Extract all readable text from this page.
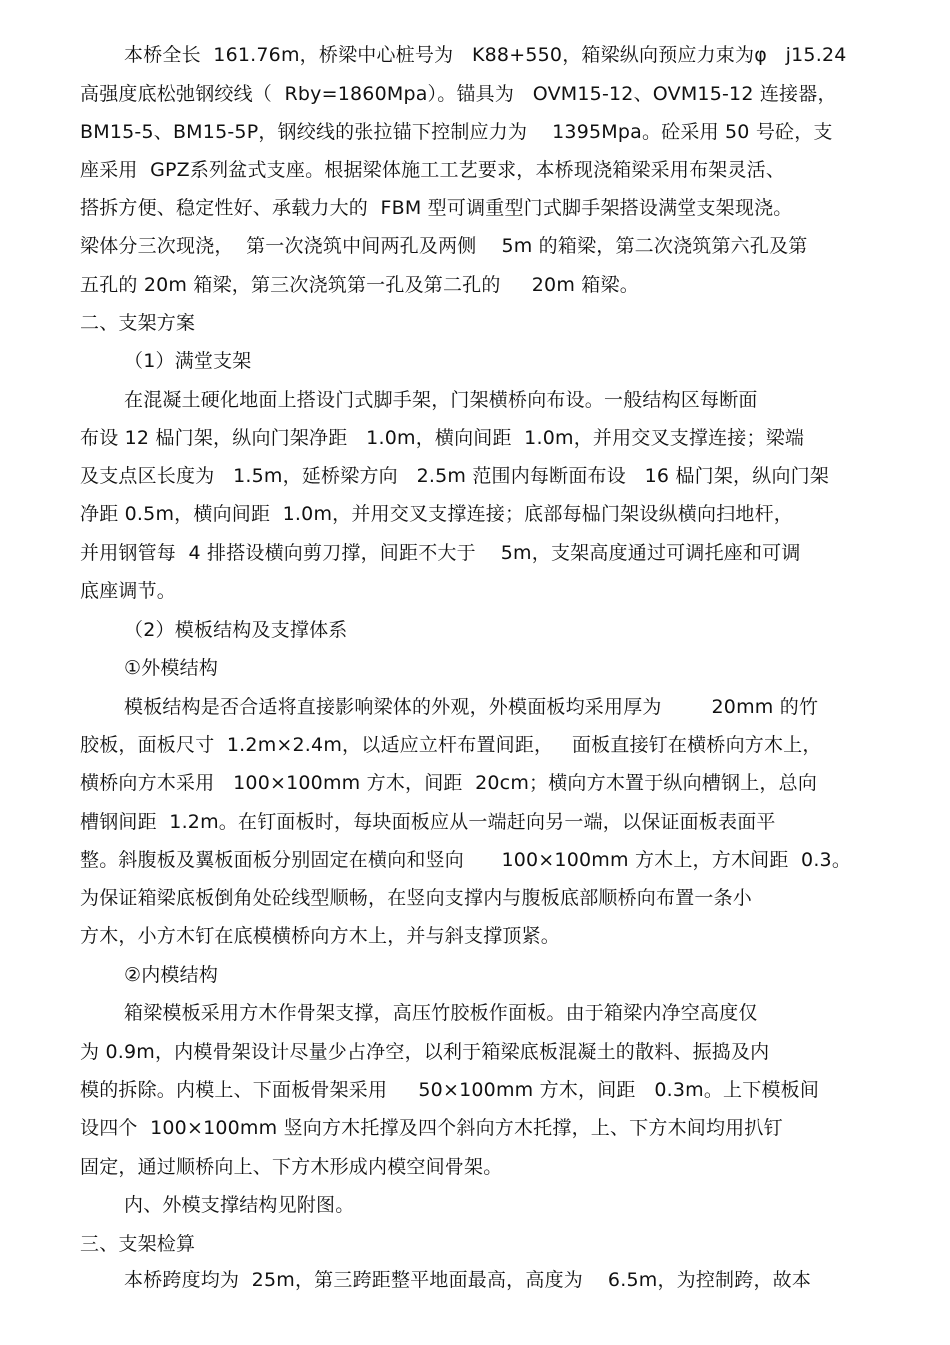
本桥全长  161.76m，桥梁中心桩号为   K88+550，箱梁纵向预应力束为φ   j15.24
高强度底松弛钢绞线（  Rby=1860Mpa）。锚具为   OVM15-12、OVM15-12 连接器，
BM15-5、BM15-5P，钢绞线的张拉锚下控制应力为    1395Mpa。砼采用 50 号砼，支
座采用  GPZ系列盆式支座。根据梁体施工工艺要求，本桥现浇箱梁采用布架灵活、
搭拆方便、稳定性好、承载力大的  FBM 型可调重型门式脚手架搭设满堂支架现浇。
梁体分三次现浇，  第一次浇筑中间两孔及两侧    5m 的箱梁，第二次浇筑第六孔及第
五孔的 20m 箱梁，第三次浇筑第一孔及第二孔的     20m 箱梁。
二、支架方案
（1）满堂支架
在混凝土硬化地面上搭设门式脚手架，门架横桥向布设。一般结构区每断面
布设 12 榀门架，纵向门架净距   1.0m，横向间距  1.0m，并用交叉支撑连接；梁端
及支点区长度为   1.5m，延桥梁方向   2.5m 范围内每断面布设   16 榀门架，纵向门架
净距 0.5m，横向间距  1.0m，并用交叉支撑连接；底部每榀门架设纵横向扫地杆，
并用钢管每  4 排搭设横向剪刀撑，间距不大于    5m，支架高度通过可调托座和可调
底座调节。
（2）模板结构及支撑体系
①外模结构
模板结构是否合适将直接影响梁体的外观，外模面板均采用厚为        20mm 的竹
胶板，面板尺寸  1.2m×2.4m，以适应立杆布置间距，   面板直接钉在横桥向方木上，
横桥向方木采用   100×100mm 方木，间距  20cm；横向方木置于纵向槽钢上，总向
槽钢间距  1.2m。在钉面板时，每块面板应从一端赶向另一端，以保证面板表面平
整。斜腹板及翼板面板分别固定在横向和竖向      100×100mm 方木上，方木间距  0.3。
为保证箱梁底板倒角处砼线型顺畅，在竖向支撑内与腹板底部顺桥向布置一条小
方木，小方木钉在底模横桥向方木上，并与斜支撑顶紧。
②内模结构
箱梁模板采用方木作骨架支撑，高压竹胶板作面板。由于箱梁内净空高度仅
为 0.9m，内模骨架设计尽量少占净空，以利于箱梁底板混凝土的散料、振捣及内
模的拆除。内模上、下面板骨架采用     50×100mm 方木，间距   0.3m。上下模板间
设四个  100×100mm 竖向方木托撑及四个斜向方木托撑，上、下方木间均用扒钉
固定，通过顺桥向上、下方木形成内模空间骨架。
内、外模支撑结构见附图。
三、支架检算
本桥跨度均为  25m，第三跨距整平地面最高，高度为    6.5m，为控制跨，故本
